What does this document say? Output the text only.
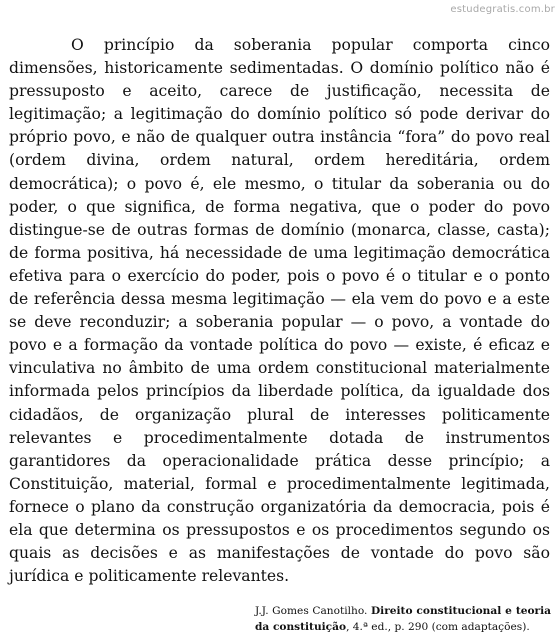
estudegratis.com.br

O princípio da soberania popular comporta cinco dimensões, historicamente sedimentadas. O domínio político não é pressuposto e aceito, carece de justificação, necessita de legitimação; a legitimação do domínio político só pode derivar do próprio povo, e não de qualquer outra instância “fora” do povo real (ordem divina, ordem natural, ordem hereditária, ordem democrática); o povo é, ele mesmo, o titular da soberania ou do poder, o que significa, de forma negativa, que o poder do povo distingue-se de outras formas de domínio (monarca, classe, casta); de forma positiva, há necessidade de uma legitimação democrática efetiva para o exercício do poder, pois o povo é o titular e o ponto de referência dessa mesma legitimação — ela vem do povo e a este se deve reconduzir; a soberania popular — o povo, a vontade do povo e a formação da vontade política do povo — existe, é eficaz e vinculativa no âmbito de uma ordem constitucional materialmente informada pelos princípios da liberdade política, da igualdade dos cidadãos, de organização plural de interesses politicamente relevantes e procedimentalmente dotada de instrumentos garantidores da operacionalidade prática desse princípio; a Constituição, material, formal e procedimentalmente legitimada, fornece o plano da construção organizatória da democracia, pois é ela que determina os pressupostos e os procedimentos segundo os quais as decisões e as manifestações de vontade do povo são jurídica e politicamente relevantes.

J.J. Gomes Canotilho. Direito constitucional e teoria da constituição, 4.ª ed., p. 290 (com adaptações).
